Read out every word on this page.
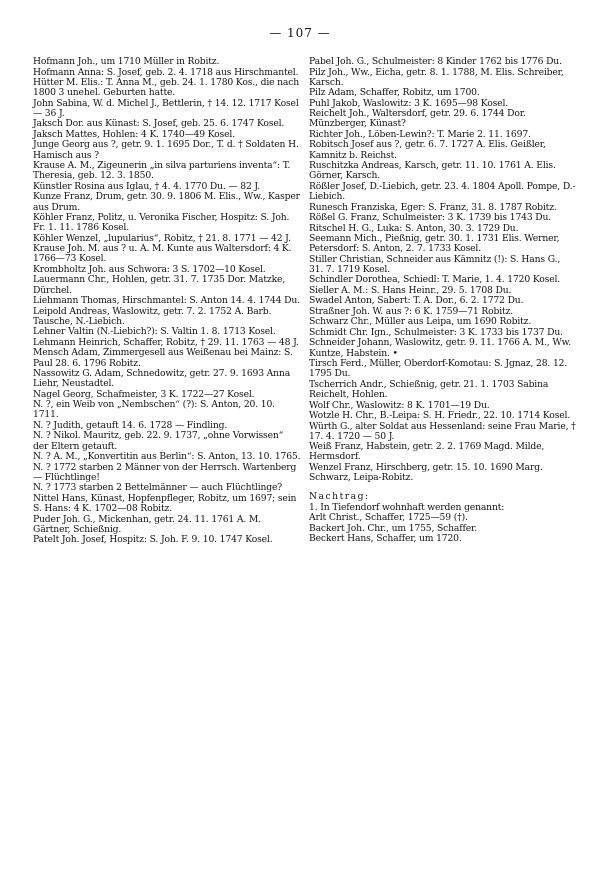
— 107 —

Hofmann Joh., um 1710 Müller in Robitz.

Hofmann Anna: S. Josef, geb. 2. 4. 1718 aus Hirschmantel.

Hütter M. Elis.: T. Anna M., geb. 24. 1. 1780 Kos., die nach 1800 3 unehel. Geburten hatte.

John Sabina, W. d. Michel J., Bettlerin, † 14. 12. 1717 Kosel — 36 J.

Jaksch Dor. aus Künast: S. Josef, geb. 25. 6. 1747 Kosel.

Jaksch Mattes, Hohlen: 4 K. 1740—49 Kosel.

Junge Georg aus ?, getr. 9. 1. 1695 Dor., T. d. † Soldaten H. Hamisch aus ?

Krause A. M., Zigeunerin „in silva parturiens inventa“: T. Theresia, geb. 12. 3. 1850.

Künstler Rosina aus Iglau, † 4. 4. 1770 Du. — 82 J.

Kunze Franz, Drum, getr. 30. 9. 1806 M. Elis., Ww., Kasper aus Drum.

Köhler Franz, Politz, u. Veronika Fischer, Hospitz: S. Joh. Fr. 1. 11. 1786 Kosel.

Köhler Wenzel, „lupularius“, Robitz, † 21. 8. 1771 — 42 J.

Krause Joh. M. aus ? u. A. M. Kunte aus Waltersdorf: 4 K. 1766—73 Kosel.

Krombholtz Joh. aus Schwora: 3 S. 1702—10 Kosel.

Lauermann Chr., Hohlen, getr. 31. 7. 1735 Dor. Matzke, Dürchel.

Liehmann Thomas, Hirschmantel: S. Anton 14. 4. 1744 Du.

Leipold Andreas, Waslowitz, getr. 7. 2. 1752 A. Barb. Tausche, N.-Liebich.

Lehner Valtin (N.-Liebich?): S. Valtin 1. 8. 1713 Kosel.

Lehmann Heinrich, Schaffer, Robitz, † 29. 11. 1763 — 48 J.

Mensch Adam, Zimmergesell aus Weißenau bei Mainz: S. Paul 28. 6. 1796 Robitz.

Nassowitz G. Adam, Schnedowitz, getr. 27. 9. 1693 Anna Liehr, Neustadtel.

Nagel Georg, Schafmeister, 3 K. 1722—27 Kosel.

N. ?, ein Weib von „Nembschen“ (?): S. Anton, 20. 10. 1711.

N. ? Judith, getauft 14. 6. 1728 — Findling.

N. ? Nikol. Mauritz, geb. 22. 9. 1737, „ohne Vorwissen“ der Eltern getauft.

N. ? A. M., „Konvertitin aus Berlin“: S. Anton, 13. 10. 1765.

N. ? 1772 starben 2 Männer von der Herrsch. Wartenberg — Flüchtlinge!

N. ? 1773 starben 2 Bettelmänner — auch Flüchtlinge?

Nittel Hans, Künast, Hopfenpfleger, Robitz, um 1697; sein S. Hans: 4 K. 1702—08 Robitz.

Puder Joh. G., Mickenhan, getr. 24. 11. 1761 A. M. Gärtner, Schießnig.

Patelt Joh. Josef, Hospitz: S. Joh. F. 9. 10. 1747 Kosel.

Pabel Joh. G., Schulmeister: 8 Kinder 1762 bis 1776 Du.

Pilz Joh., Ww., Eicha, getr. 8. 1. 1788, M. Elis. Schreiber, Karsch.

Pilz Adam, Schaffer, Robitz, um 1700.

Puhl Jakob, Waslowitz: 3 K. 1695—98 Kosel.

Reichelt Joh., Waltersdorf, getr. 29. 6. 1744 Dor. Münzberger, Künast?

Richter Joh., Löben-Lewin?: T. Marie 2. 11. 1697.

Robitsch Josef aus ?, getr. 6. 7. 1727 A. Elis. Geißler, Kamnitz b. Reichst.

Ruschitzka Andreas, Karsch, getr. 11. 10. 1761 A. Elis. Görner, Karsch.

Rößler Josef, D.-Liebich, getr. 23. 4. 1804 Apoll. Pompe, D.-Liebich.

Runesch Franziska, Eger: S. Franz, 31. 8. 1787 Robitz.

Rößel G. Franz, Schulmeister: 3 K. 1739 bis 1743 Du.

Ritschel H. G., Luka: S. Anton, 30. 3. 1729 Du.

Seemann Mich., Pießnig, getr. 30. 1. 1731 Elis. Werner, Petersdorf: S. Anton, 2. 7. 1733 Kosel.

Stiller Christian, Schneider aus Kämnitz (!): S. Hans G., 31. 7. 1719 Kosel.

Schindler Dorothea, Schiedl: T. Marie, 1. 4. 1720 Kosel.

Sieller A. M.: S. Hans Heinr., 29. 5. 1708 Du.

Swadel Anton, Sabert: T. A. Dor., 6. 2. 1772 Du.

Straßner Joh. W. aus ?: 6 K. 1759—71 Robitz.

Schwarz Chr., Müller aus Leipa, um 1690 Robitz.

Schmidt Chr. Ign., Schulmeister: 3 K. 1733 bis 1737 Du.

Schneider Johann, Waslowitz, getr. 9. 11. 1766 A. M., Ww. Kuntze, Habstein. •

Tirsch Ferd., Müller, Oberdorf-Komotau: S. Jgnaz, 28. 12. 1795 Du.

Tscherrich Andr., Schießnig, getr. 21. 1. 1703 Sabina Reichelt, Hohlen.

Wolf Chr., Waslowitz: 8 K. 1701—19 Du.

Wotzle H. Chr., B.-Leipa: S. H. Friedr., 22. 10. 1714 Kosel.

Würth G., alter Soldat aus Hessenland: seine Frau Marie, † 17. 4. 1720 — 50 J.

Weiß Franz, Habstein, getr. 2. 2. 1769 Magd. Milde, Hermsdorf.

Wenzel Franz, Hirschberg, getr. 15. 10. 1690 Marg. Schwarz, Leipa-Robitz.

Nachtrag:

1. In Tiefendorf wohnhaft werden genannt:

Arlt Christ., Schaffer, 1725—59 (†).

Backert Joh. Chr., um 1755, Schaffer.

Beckert Hans, Schaffer, um 1720.
